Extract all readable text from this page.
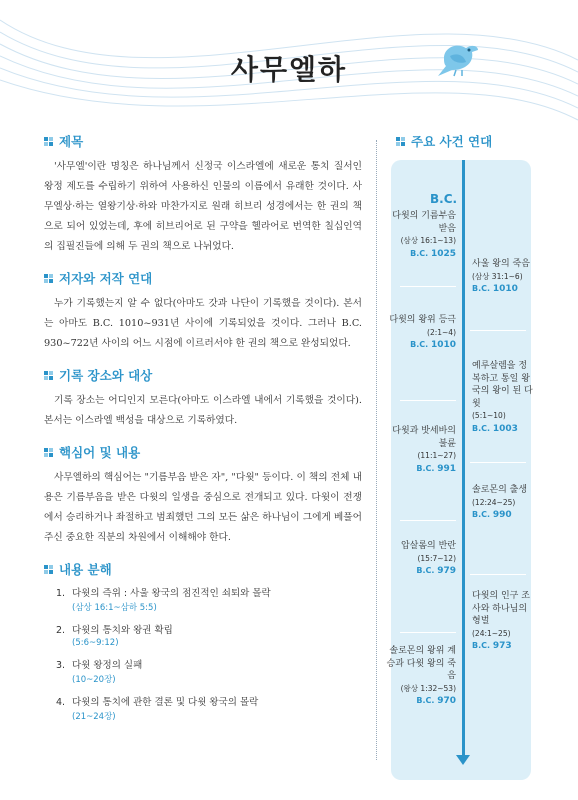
사무엘하
제목

'사무엘'이란 명칭은 하나님께서 신정국 이스라엘에 새로운 통치 질서인 왕정 제도를 수립하기 위하여 사용하신 인물의 이름에서 유래한 것이다. 사무엘상·하는 열왕기상·하와 마찬가지로 원래 히브리 성경에서는 한 권의 책으로 되어 있었는데, 후에 히브리어로 된 구약을 헬라어로 번역한 칠십인역의 집필진들에 의해 두 권의 책으로 나뉘었다.

저자와 저작 연대

누가 기록했는지 알 수 없다(아마도 갓과 나단이 기록했을 것이다). 본서는 아마도 B.C. 1010~931년 사이에 기록되었을 것이다. 그러나 B.C. 930~722년 사이의 어느 시점에 이르러서야 한 권의 책으로 완성되었다.

기록 장소와 대상

기록 장소는 어디인지 모른다(아마도 이스라엘 내에서 기록했을 것이다). 본서는 이스라엘 백성을 대상으로 기록하였다.

핵심어 및 내용

사무엘하의 핵심어는 "기름부음 받은 자", "다윗" 등이다. 이 책의 전체 내용은 기름부음을 받은 다윗의 일생을 중심으로 전개되고 있다. 다윗이 전쟁에서 승리하거나 좌절하고 범죄했던 그의 모든 삶은 하나님이 그에게 베풀어 주신 중요한 직분의 차원에서 이해해야 한다.

내용 분해
1. 다윗의 즉위 : 사울 왕국의 점진적인 쇠퇴와 몰락
(삼상 16:1~삼하 5:5)
2. 다윗의 통치와 왕권 확립
(5:6~9:12)
3. 다윗 왕정의 실패
(10~20장)
4. 다윗의 통치에 관한 결론 및 다윗 왕국의 몰락
(21~24장)
주요 사건 연대
B.C.
다윗의 기름부음 받음
(삼상 16:1~13)
B.C. 1025
다윗의 왕위 등극
(2:1~4)
B.C. 1010
다윗과 밧세바의 불륜
(11:1~27)
B.C. 991
압살롬의 반란
(15:7~12)
B.C. 979
솔로몬의 왕위 계승과 다윗 왕의 죽음
(왕상 1:32~53)
B.C. 970
사울 왕의 죽음
(삼상 31:1~6)
B.C. 1010
예루살렘을 정복하고 통일 왕국의 왕이 된 다윗
(5:1~10)
B.C. 1003
솔로몬의 출생
(12:24~25)
B.C. 990
다윗의 인구 조사와 하나님의 형벌
(24:1~25)
B.C. 973
